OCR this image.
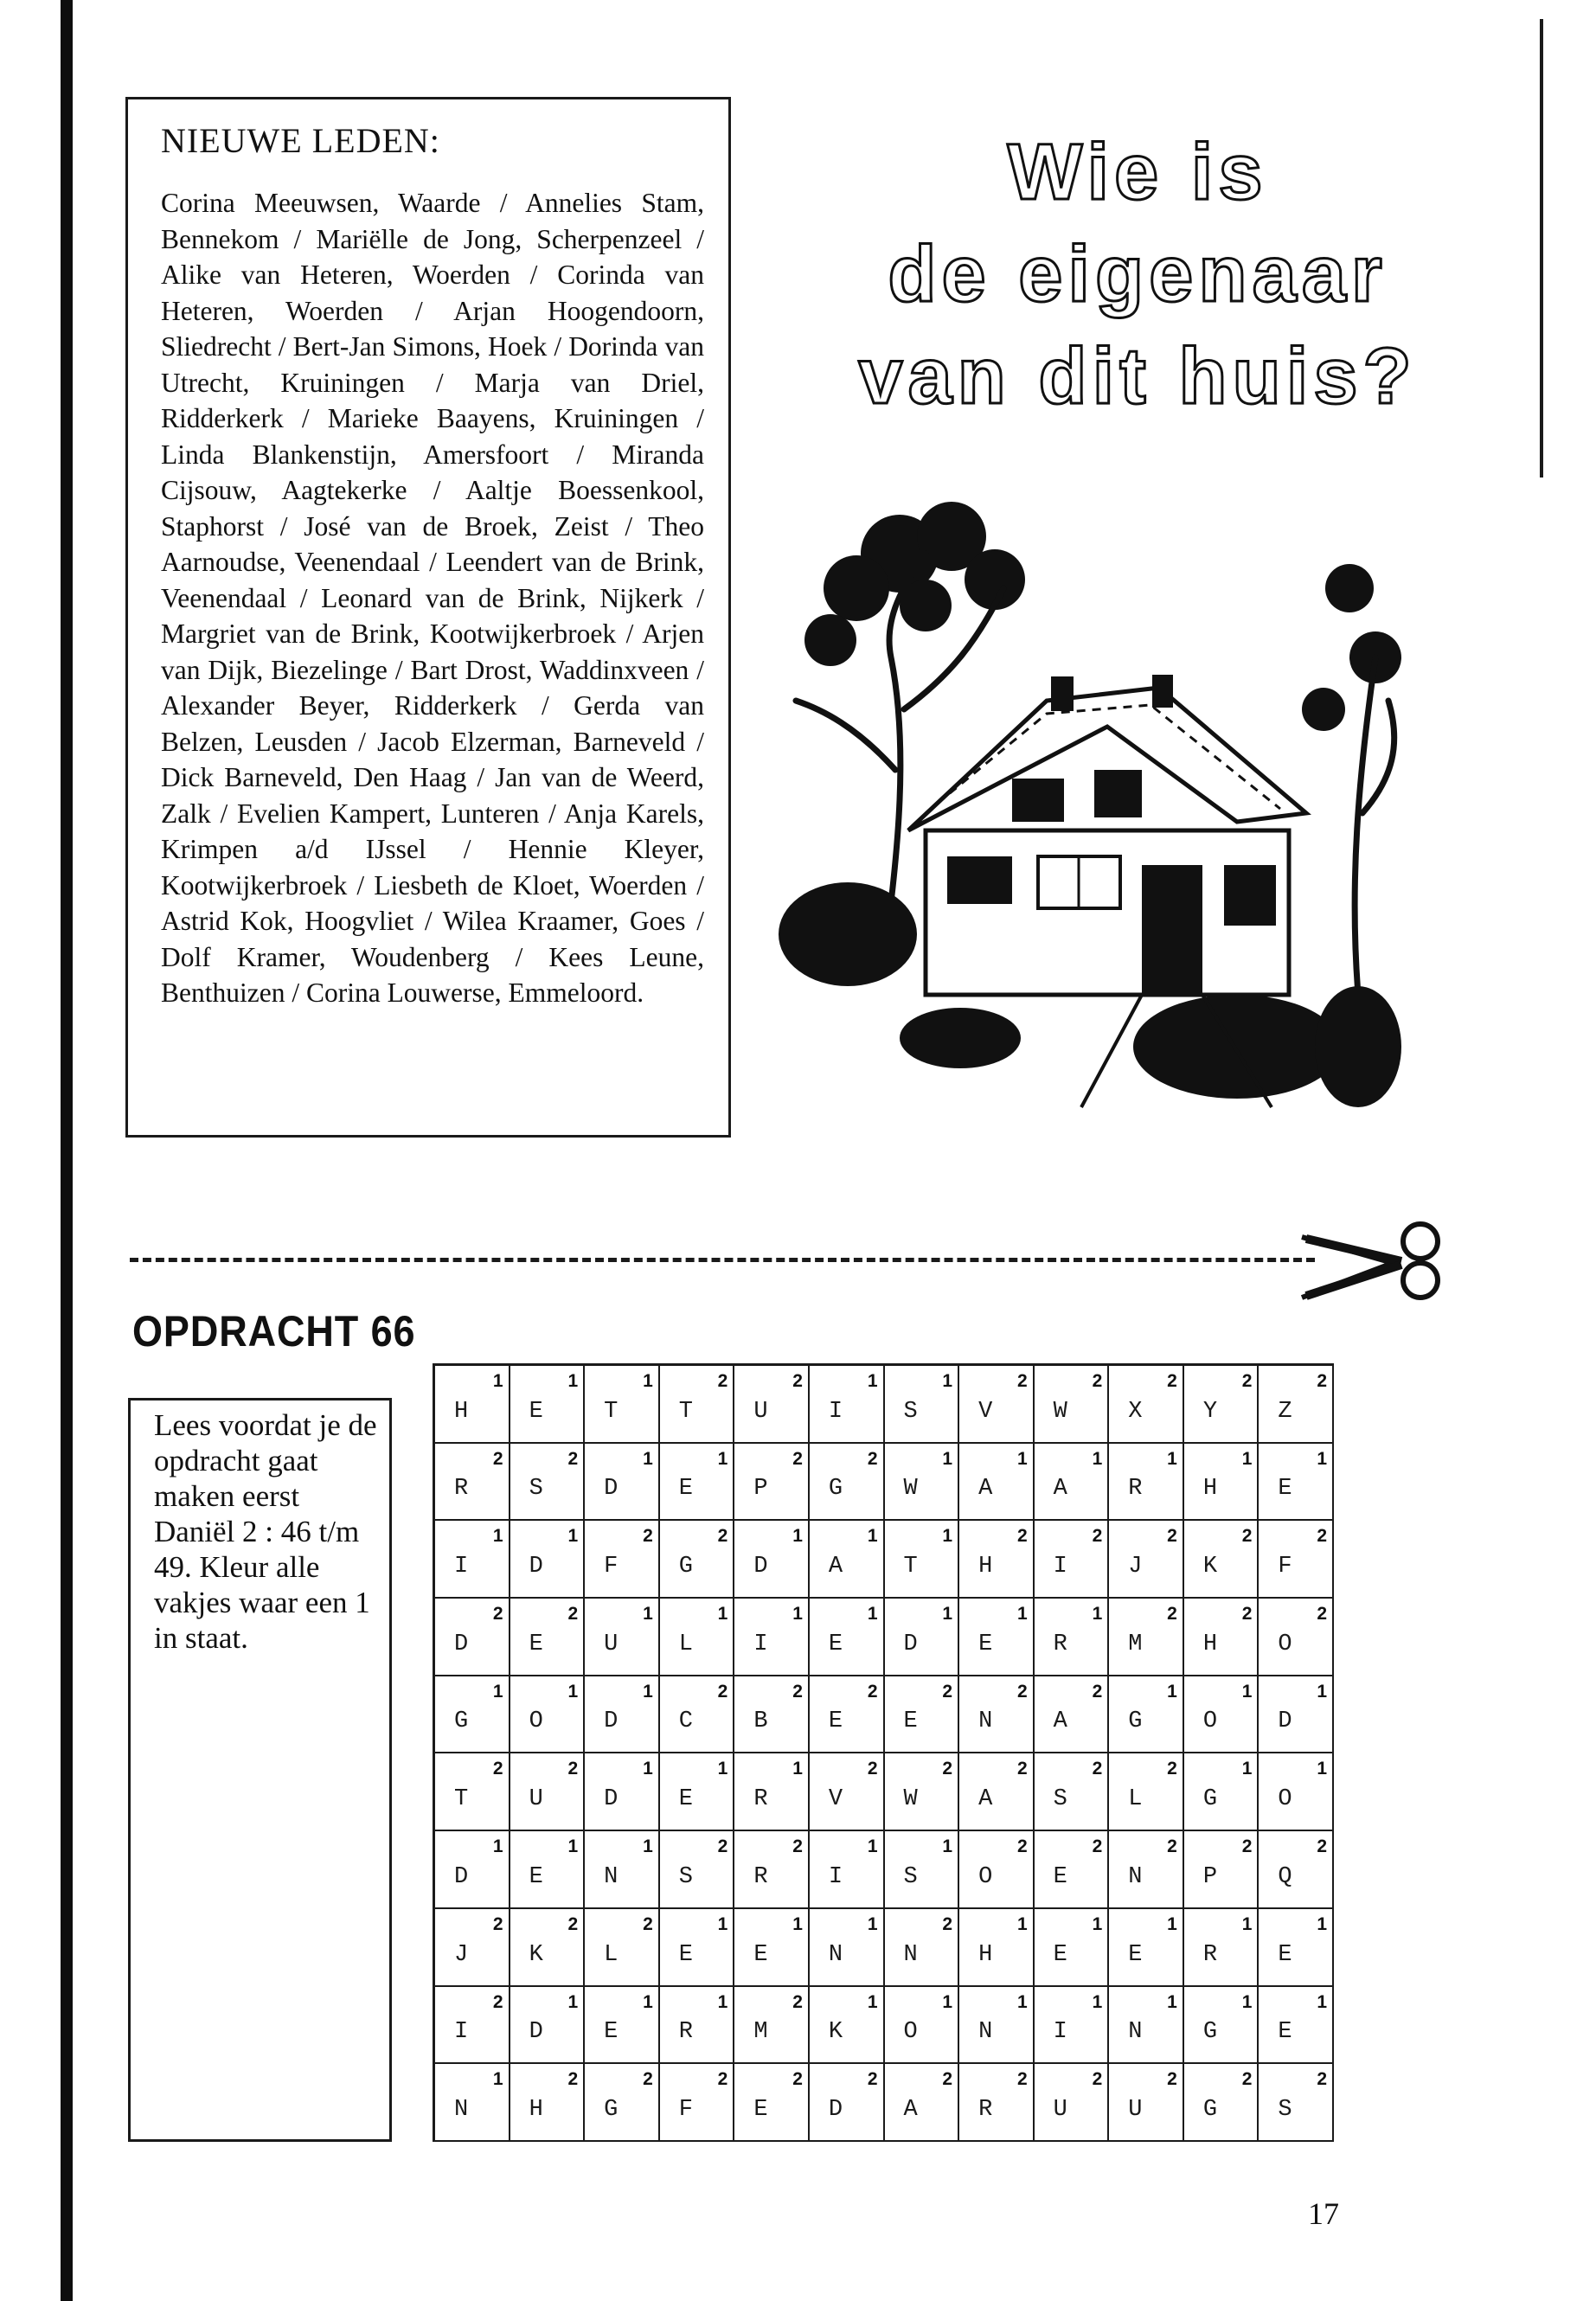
NIEUWE LEDEN:

Corina Meeuwsen, Waarde / Annelies Stam, Bennekom / Mariëlle de Jong, Scherpenzeel / Alike van Heteren, Woerden / Corinda van Heteren, Woerden / Arjan Hoogendoorn, Sliedrecht / Bert-Jan Simons, Hoek / Dorinda van Utrecht, Kruiningen / Marja van Driel, Ridderkerk / Marieke Baayens, Kruiningen / Linda Blankenstijn, Amersfoort / Miranda Cijsouw, Aagtekerke / Aaltje Boessenkool, Staphorst / José van de Broek, Zeist / Theo Aarnoudse, Veenendaal / Leendert van de Brink, Veenendaal / Leonard van de Brink, Nijkerk / Margriet van de Brink, Kootwijkerbroek / Arjen van Dijk, Biezelinge / Bart Drost, Waddinxveen / Alexander Beyer, Ridderkerk / Gerda van Belzen, Leusden / Jacob Elzerman, Barneveld / Dick Barneveld, Den Haag / Jan van de Weerd, Zalk / Evelien Kampert, Lunteren / Anja Karels, Krimpen a/d IJssel / Hennie Kleyer, Kootwijkerbroek / Liesbeth de Kloet, Woerden / Astrid Kok, Hoogvliet / Wilea Kraamer, Goes / Dolf Kramer, Woudenberg / Kees Leune, Benthuizen / Corina Louwerse, Emmeloord.

Wie is
de eigenaar
van dit huis?
OPDRACHT 66

Lees voordat je de opdracht gaat maken eerst Daniël 2 : 46 t/m 49. Kleur alle vakjes waar een 1 in staat.

H
1
E
1
T
1
T
2
U
2
I
1
S
1
V
2
W
2
X
2
Y
2
Z
2
R
2
S
2
D
1
E
1
P
2
G
2
W
1
A
1
A
1
R
1
H
1
E
1
I
1
D
1
F
2
G
2
D
1
A
1
T
1
H
2
I
2
J
2
K
2
F
2
D
2
E
2
U
1
L
1
I
1
E
1
D
1
E
1
R
1
M
2
H
2
O
2
G
1
O
1
D
1
C
2
B
2
E
2
E
2
N
2
A
2
G
1
O
1
D
1
T
2
U
2
D
1
E
1
R
1
V
2
W
2
A
2
S
2
L
2
G
1
O
1
D
1
E
1
N
1
S
2
R
2
I
1
S
1
O
2
E
2
N
2
P
2
Q
2
J
2
K
2
L
2
E
1
E
1
N
1
N
2
H
1
E
1
E
1
R
1
E
1
I
2
D
1
E
1
R
1
M
2
K
1
O
1
N
1
I
1
N
1
G
1
E
1
N
1
H
2
G
2
F
2
E
2
D
2
A
2
R
2
U
2
U
2
G
2
S
2
17
